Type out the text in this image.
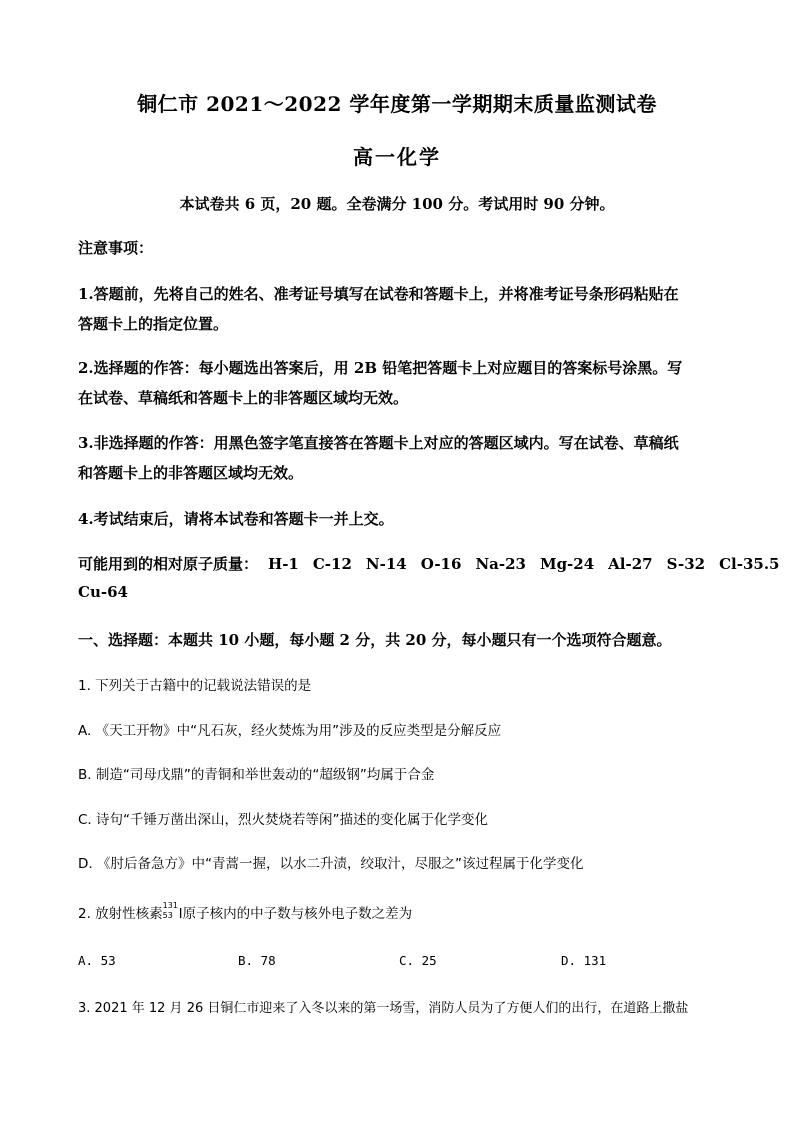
铜仁市 2021～2022 学年度第一学期期末质量监测试卷
高一化学
本试卷共 6 页，20 题。全卷满分 100 分。考试用时 90 分钟。
注意事项：
1.答题前，先将自己的姓名、准考证号填写在试卷和答题卡上，并将准考证号条形码粘贴在
答题卡上的指定位置。
2.选择题的作答：每小题选出答案后，用 2B 铅笔把答题卡上对应题目的答案标号涂黑。写
在试卷、草稿纸和答题卡上的非答题区域均无效。
3.非选择题的作答：用黑色签字笔直接答在答题卡上对应的答题区域内。写在试卷、草稿纸
和答题卡上的非答题区域均无效。
4.考试结束后，请将本试卷和答题卡一并上交。
可能用到的相对原子质量： H-1 C-12 N-14 O-16 Na-23 Mg-24 Al-27 S-32 Cl-35.5
Cu-64
一、选择题：本题共 10 小题，每小题 2 分，共 20 分，每小题只有一个选项符合题意。
1. 下列关于古籍中的记载说法错误的是
A. 《天工开物》中“凡石灰，经火焚炼为用”涉及的反应类型是分解反应
B. 制造“司母戊鼎”的青铜和举世轰动的“超级钢”均属于合金
C. 诗句“千锤万凿出深山，烈火焚烧若等闲”描述的变化属于化学变化
D. 《肘后备急方》中“青蒿一握，以水二升渍，绞取汁，尽服之”该过程属于化学变化
2. 放射性核素
131
53 I原子核内的中子数与核外电子数之差为
A. 53	B. 78	C. 25	D. 131
3. 2021 年 12 月 26 日铜仁市迎来了入冬以来的第一场雪，消防人员为了方便人们的出行，在道路上撒盐
